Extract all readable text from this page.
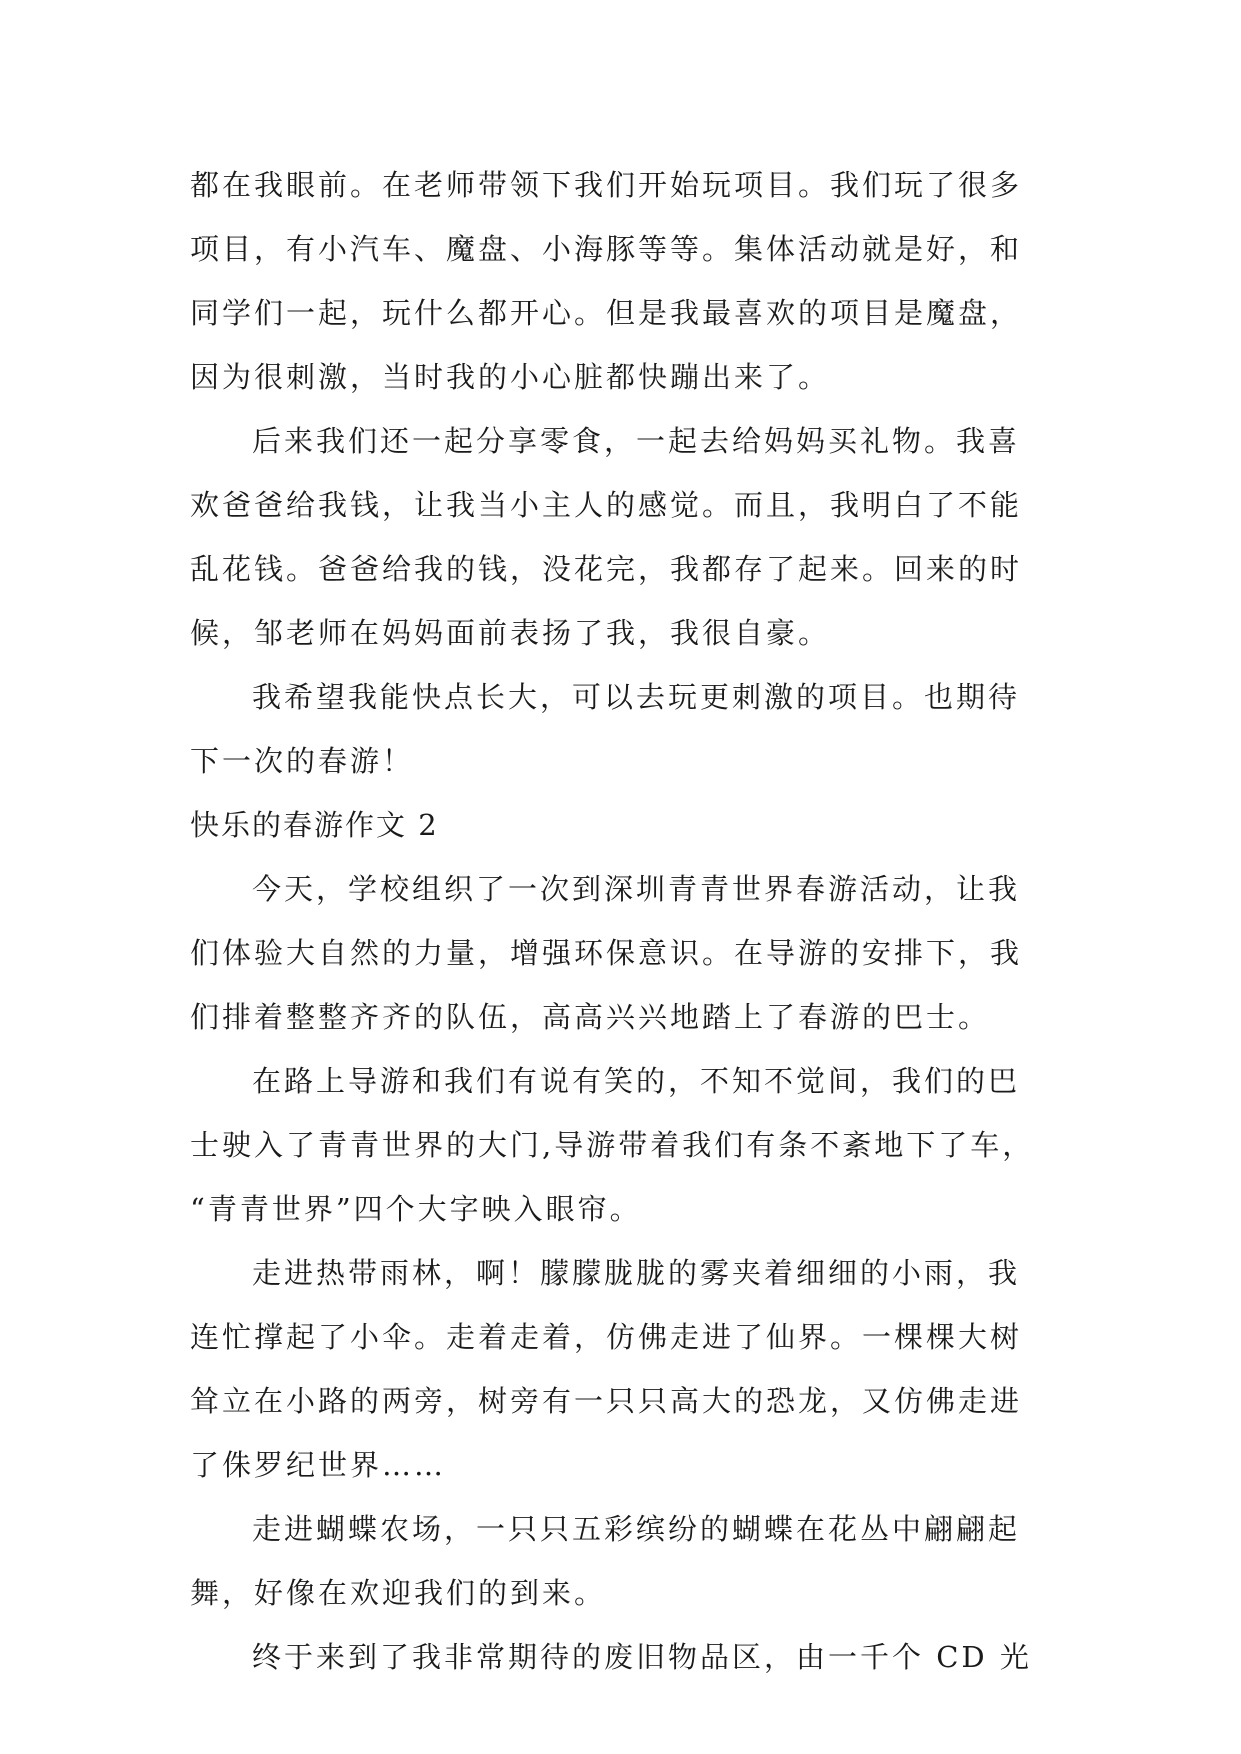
都在我眼前。在老师带领下我们开始玩项目。我们玩了很多
项目，有小汽车、魔盘、小海豚等等。集体活动就是好，和
同学们一起，玩什么都开心。但是我最喜欢的项目是魔盘，
因为很刺激，当时我的小心脏都快蹦出来了。
后来我们还一起分享零食，一起去给妈妈买礼物。我喜
欢爸爸给我钱，让我当小主人的感觉。而且，我明白了不能
乱花钱。爸爸给我的钱，没花完，我都存了起来。回来的时
候，邹老师在妈妈面前表扬了我，我很自豪。
我希望我能快点长大，可以去玩更刺激的项目。也期待
下一次的春游！
快乐的春游作文 2
今天，学校组织了一次到深圳青青世界春游活动，让我
们体验大自然的力量，增强环保意识。在导游的安排下，我
们排着整整齐齐的队伍，高高兴兴地踏上了春游的巴士。
在路上导游和我们有说有笑的，不知不觉间，我们的巴
士驶入了青青世界的大门,导游带着我们有条不紊地下了车，
“青青世界”四个大字映入眼帘。
走进热带雨林，啊！朦朦胧胧的雾夹着细细的小雨，我
连忙撑起了小伞。走着走着，仿佛走进了仙界。一棵棵大树
耸立在小路的两旁，树旁有一只只高大的恐龙，又仿佛走进
了侏罗纪世界……
走进蝴蝶农场，一只只五彩缤纷的蝴蝶在花丛中翩翩起
舞，好像在欢迎我们的到来。
终于来到了我非常期待的废旧物品区，由一千个 CD 光
